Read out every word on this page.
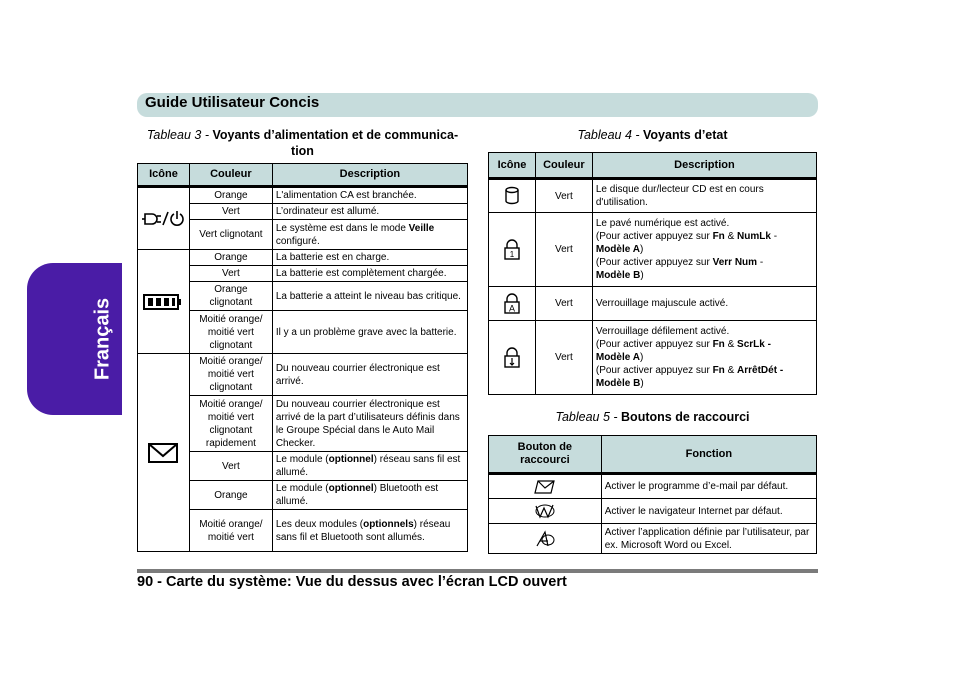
Guide Utilisateur Concis
Français
Tableau 3 - Voyants d’alimentation et de communica-tion
Icône	Couleur	Description

	Orange	L'alimentation CA est branchée.
	Vert	L’ordinateur est allumé.
	Vert clignotant	Le système est dans le mode Veille configuré.

	Orange	La batterie est en charge.
	Vert	La batterie est complètement chargée.
	Orange clignotant	La batterie a atteint le niveau bas critique.
	Moitié orange/ moitié vert clignotant	Il y a un problème grave avec la batterie.

	Moitié orange/ moitié vert clignotant	Du nouveau courrier électronique est arrivé.
	Moitié orange/ moitié vert clignotant rapidement	Du nouveau courrier électronique est arrivé de la part d’utilisateurs définis dans le Groupe Spécial dans le Auto Mail Checker.
	Vert	Le module (optionnel) réseau sans fil est allumé.
	Orange	Le module (optionnel) Bluetooth est allumé.
	Moitié orange/ moitié vert	Les deux modules (optionnels) réseau sans fil et Bluetooth sont allumés.
Tableau 4 - Voyants d’etat
Icône	Couleur	Description

	Vert	Le disque dur/lecteur CD est en cours d'utilisation.

1	Vert	Le pavé numérique est activé.
(Pour activer appuyez sur Fn & NumLk -
Modèle A)
(Pour activer appuyez sur Verr Num -
Modèle B)

A	Vert	Verrouillage majuscule activé.

	Vert	Verrouillage défilement activé.
(Pour activer appuyez sur Fn & ScrLk -
Modèle A)
(Pour activer appuyez sur Fn & ArrêtDét -
Modèle B)
Tableau 5 - Boutons de raccourci
Bouton de raccourci	Fonction

	Activer le programme d’e-mail par défaut.

	Activer le navigateur Internet par défaut.

	Activer l’application définie par l’utilisateur, par ex. Microsoft Word ou Excel.
90 - Carte du système: Vue du dessus avec l’écran LCD ouvert
